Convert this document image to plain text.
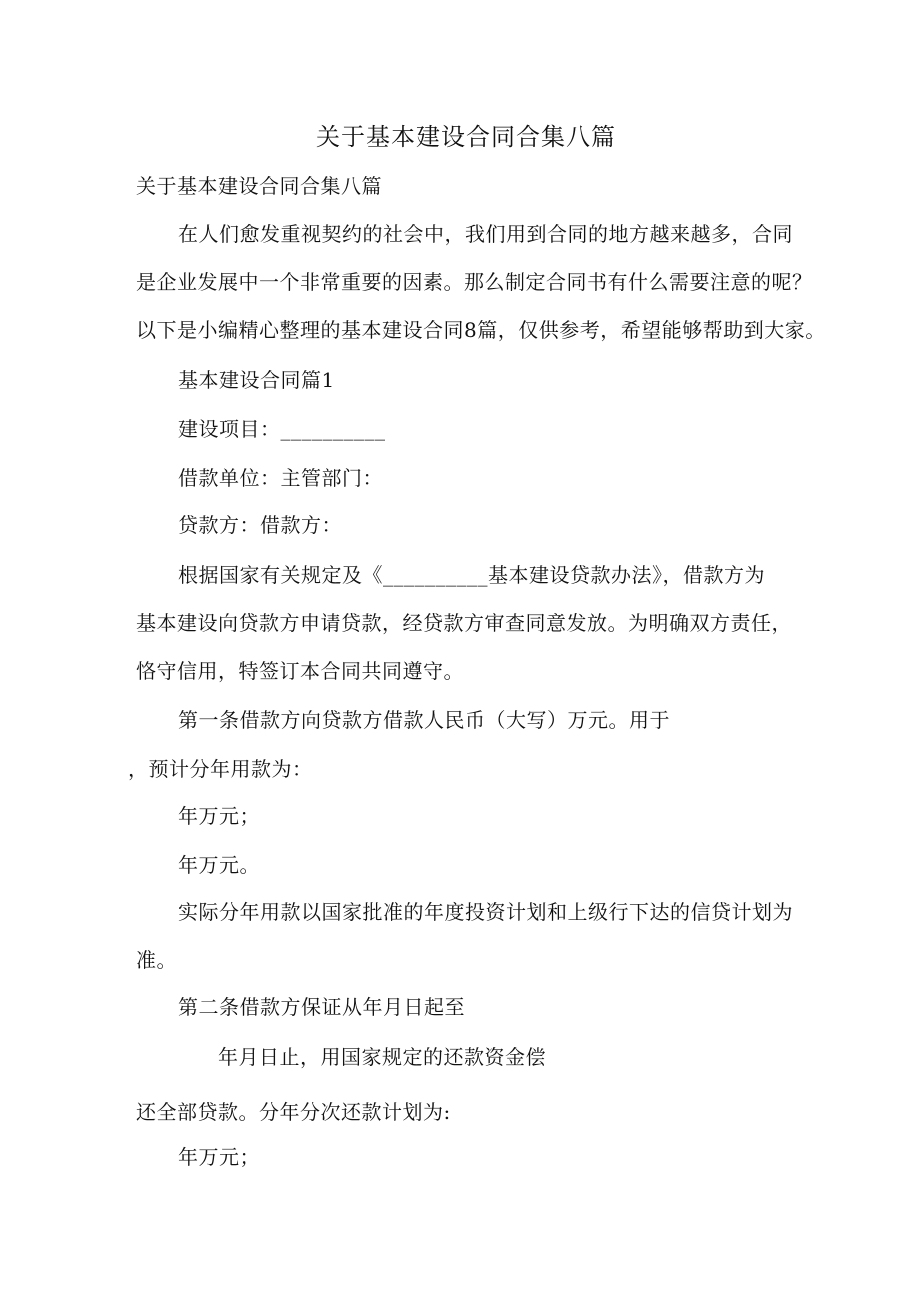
关于基本建设合同合集八篇
关于基本建设合同合集八篇
在人们愈发重视契约的社会中，我们用到合同的地方越来越多，合同
是企业发展中一个非常重要的因素。那么制定合同书有什么需要注意的呢？
以下是小编精心整理的基本建设合同8篇，仅供参考，希望能够帮助到大家。
基本建设合同篇1
建设项目：__________
借款单位：主管部门：
贷款方：借款方：
根据国家有关规定及《__________基本建设贷款办法》，借款方为
基本建设向贷款方申请贷款，经贷款方审查同意发放。为明确双方责任，
恪守信用，特签订本合同共同遵守。
第一条借款方向贷款方借款人民币（大写）万元。用于
，预计分年用款为：
年万元；
年万元。
实际分年用款以国家批准的年度投资计划和上级行下达的信贷计划为
准。
第二条借款方保证从年月日起至
年月日止，用国家规定的还款资金偿
还全部贷款。分年分次还款计划为:
年万元；
